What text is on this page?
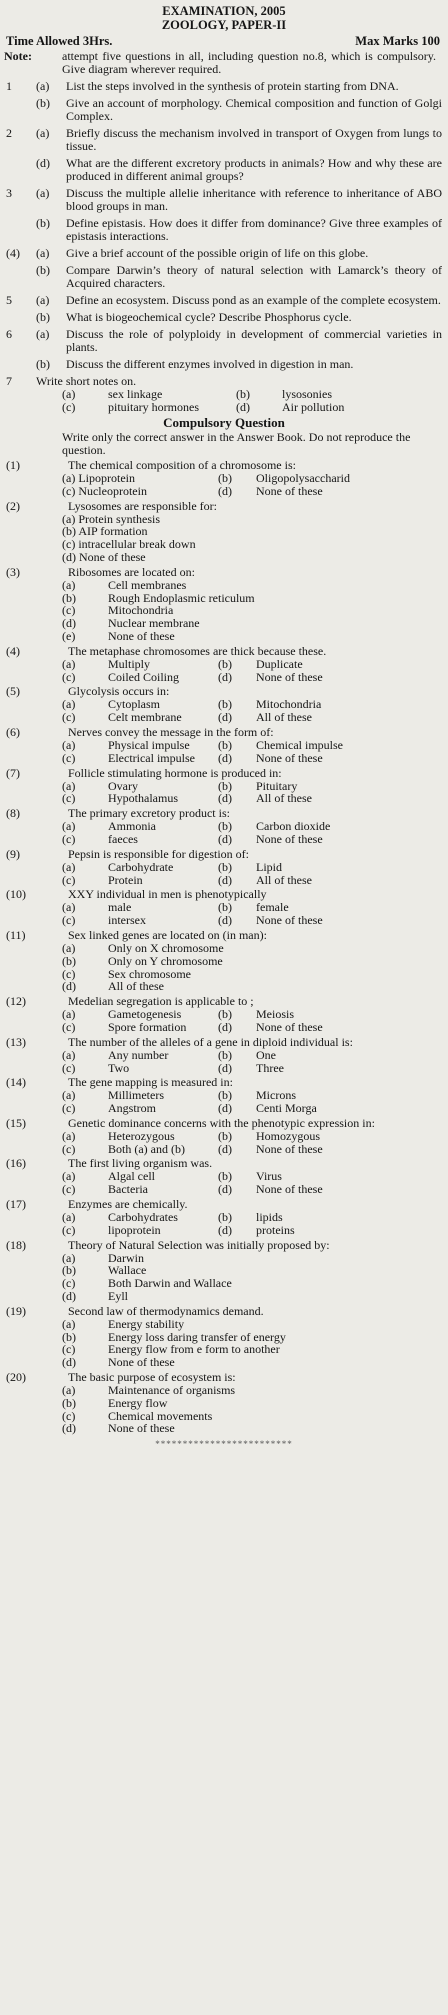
EXAMINATION, 2005
ZOOLOGY, PAPER-II
Time Allowed 3Hrs.	Max Marks 100
Note:	attempt five questions in all, including question no.8, which is compulsory. Give diagram wherever required.
1	(a)	List the steps involved in the synthesis of protein starting from DNA.
(b)	Give an account of morphology. Chemical composition and function of Golgi Complex.
2	(a)	Briefly discuss the mechanism involved in transport of Oxygen from lungs to tissue.
(d)	What are the different excretory products in animals? How and why these are produced in different animal groups?
3	(a)	Discuss the multiple allelie inheritance with reference to inheritance of ABO blood groups in man.
(b)	Define epistasis. How does it differ from dominance? Give three examples of epistasis interactions.
(4)	(a)	Give a brief account of the possible origin of life on this globe.
(b)	Compare Darwin’s theory of natural selection with Lamarck’s theory of Acquired characters.
5	(a)	Define an ecosystem. Discuss pond as an example of the complete ecosystem.
(b)	What is biogeochemical cycle? Describe Phosphorus cycle.
6	(a)	Discuss the role of polyploidy in development of commercial varieties in plants.
(b)	Discuss the different enzymes involved in digestion in man.
7	Write short notes on.
(a)	sex linkage	(b)	lysosonies
(c)	pituitary hormones	(d)	Air pollution
Compulsory Question
Write only the correct answer in the Answer Book. Do not reproduce the question.
(1)	The chemical composition of a chromosome is:
(a) Lipoprotein	(b)	Oligopolysaccharid
(c) Nucleoprotein	(d)	None of these
(2)	Lysosomes are responsible for:
(a) Protein synthesis
(b) AIP formation
(c) intracellular break down
(d) None of these
(3)	Ribosomes are located on:
(a)	Cell membranes
(b)	Rough Endoplasmic reticulum
(c)	Mitochondria
(d)	Nuclear membrane
(e)	None of these
(4)	The metaphase chromosomes are thick because these.
(a)	Multiply	(b)	Duplicate
(c)	Coiled Coiling	(d)	None of these
(5)	Glycolysis occurs in:
(a)	Cytoplasm	(b)	Mitochondria
(c)	Celt membrane	(d)	All of these
(6)	Nerves convey the message in the form of:
(a)	Physical impulse	(b)	Chemical impulse
(c)	Electrical impulse	(d)	None of these
(7)	Follicle stimulating hormone is produced in:
(a)	Ovary	(b)	Pituitary
(c)	Hypothalamus	(d)	All of these
(8)	The primary excretory product is:
(a)	Ammonia	(b)	Carbon dioxide
(c)	faeces	(d)	None of these
(9)	Pepsin is responsible for digestion of:
(a)	Carbohydrate	(b)	Lipid
(c)	Protein	(d)	All of these
(10)	XXY individual in men is phenotypically
(a)	male	(b)	female
(c)	intersex	(d)	None of these
(11)	Sex linked genes are located on (in man):
(a)	Only on X chromosome
(b)	Only on Y chromosome
(c)	Sex chromosome
(d)	All of these
(12)	Medelian segregation is applicable to ;
(a)	Gametogenesis	(b)	Meiosis
(c)	Spore formation	(d)	None of these
(13)	The number of the alleles of a gene in diploid individual is:
(a)	Any number	(b)	One
(c)	Two	(d)	Three
(14)	The gene mapping is measured in:
(a)	Millimeters	(b)	Microns
(c)	Angstrom	(d)	Centi Morga
(15)	Genetic dominance concerns with the phenotypic expression in:
(a)	Heterozygous	(b)	Homozygous
(c)	Both (a) and (b)	(d)	None of these
(16)	The first living organism was.
(a)	Algal cell	(b)	Virus
(c)	Bacteria	(d)	None of these
(17)	Enzymes are chemically.
(a)	Carbohydrates	(b)	lipids
(c)	lipoprotein	(d)	proteins
(18)	Theory of Natural Selection was initially proposed by:
(a)	Darwin
(b)	Wallace
(c)	Both Darwin and Wallace
(d)	Eyll
(19)	Second law of thermodynamics demand.
(a)	Energy stability
(b)	Energy loss daring transfer of energy
(c)	Energy flow from e form to another
(d)	None of these
(20)	The basic purpose of ecosystem is:
(a)	Maintenance of organisms
(b)	Energy flow
(c)	Chemical movements
(d)	None of these
*************************
